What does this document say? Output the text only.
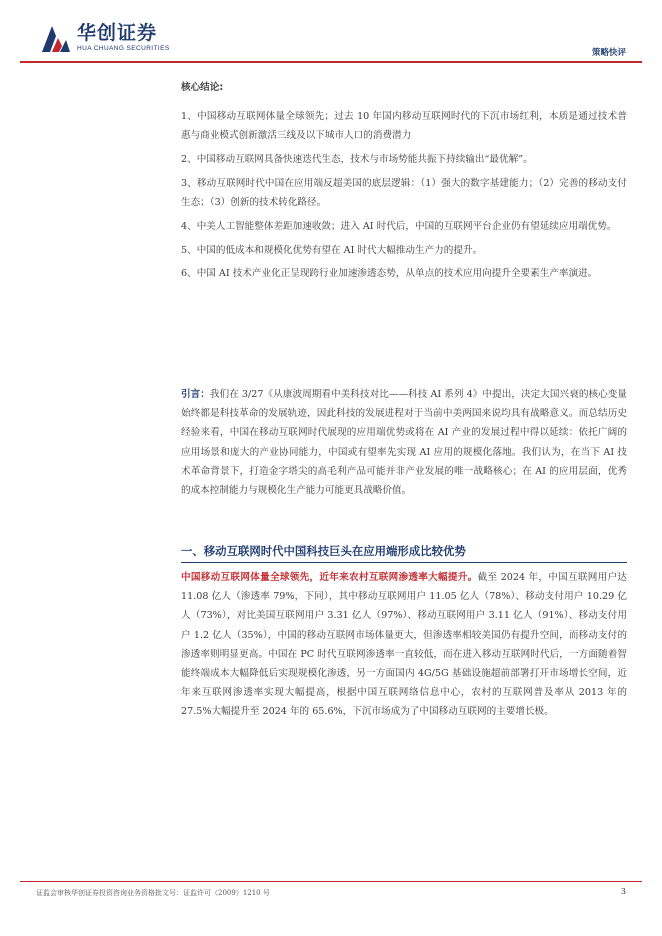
华创证券
HUA CHUANG SECURITIES	策略快评
核心结论:

1、中国移动互联网体量全球领先；过去 10 年国内移动互联网时代的下沉市场红利，本质是通过技术普惠与商业模式创新激活三线及以下城市人口的消费潜力

2、中国移动互联网具备快速迭代生态，技术与市场势能共振下持续输出“最优解”。

3、移动互联网时代中国在应用端反超美国的底层逻辑：（1）强大的数字基建能力；（2）完善的移动支付生态；（3）创新的技术转化路径。

4、中美人工智能整体差距加速收敛；进入 AI 时代后，中国的互联网平台企业仍有望延续应用端优势。

5、中国的低成本和规模化优势有望在 AI 时代大幅推动生产力的提升。

6、中国 AI 技术产业化正呈现跨行业加速渗透态势，从单点的技术应用向提升全要素生产率演进。

引言：我们在 3/27《从康波周期看中美科技对比——科技 AI 系列 4》中提出，决定大国兴衰的核心变量始终都是科技革命的发展轨迹，因此科技的发展进程对于当前中美两国来说均具有战略意义。而总结历史经验来看，中国在移动互联网时代展现的应用端优势或将在 AI 产业的发展过程中得以延续：依托广阔的应用场景和庞大的产业协同能力，中国或有望率先实现 AI 应用的规模化落地。我们认为，在当下 AI 技术革命背景下，打造金字塔尖的高毛利产品可能并非产业发展的唯一战略核心；在 AI 的应用层面，优秀的成本控制能力与规模化生产能力可能更具战略价值。
一、移动互联网时代中国科技巨头在应用端形成比较优势
中国移动互联网体量全球领先，近年来农村互联网渗透率大幅提升。截至 2024 年，中国互联网用户达 11.08 亿人（渗透率 79%，下同），其中移动互联网用户 11.05 亿人（78%）、移动支付用户 10.29 亿人（73%），对比美国互联网用户 3.31 亿人（97%）、移动互联网用户 3.11 亿人（91%）、移动支付用户 1.2 亿人（35%），中国的移动互联网市场体量更大，但渗透率相较美国仍有提升空间，而移动支付的渗透率则明显更高。中国在 PC 时代互联网渗透率一直较低，而在进入移动互联网时代后，一方面随着智能终端成本大幅降低后实现规模化渗透，另一方面国内 4G/5G 基础设施超前部署打开市场增长空间，近年来互联网渗透率实现大幅提高，根据中国互联网络信息中心，农村的互联网普及率从 2013 年的 27.5%大幅提升至 2024 年的 65.6%，下沉市场成为了中国移动互联网的主要增长极。
证监会审核华创证券投资咨询业务资格批文号：证监许可（2009）1210 号	3
